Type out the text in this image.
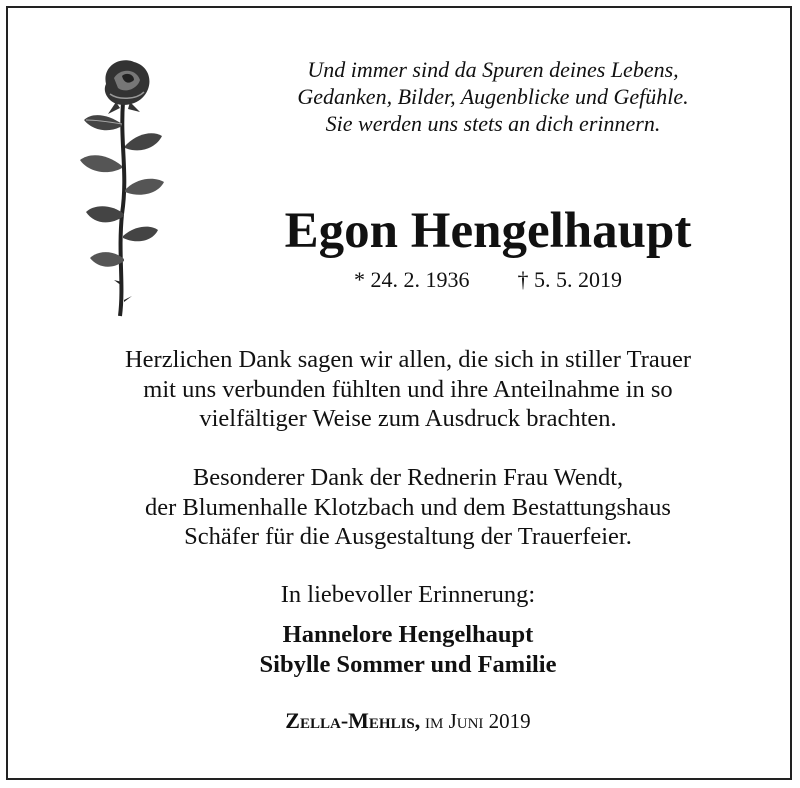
Und immer sind da Spuren deines Lebens,
Gedanken, Bilder, Augenblicke und Gefühle.
Sie werden uns stets an dich erinnern.
Egon Hengelhaupt
* 24. 2. 1936 † 5. 5. 2019
Herzlichen Dank sagen wir allen, die sich in stiller Trauer
mit uns verbunden fühlten und ihre Anteilnahme in so
vielfältiger Weise zum Ausdruck brachten.
Besonderer Dank der Rednerin Frau Wendt,
der Blumenhalle Klotzbach und dem Bestattungshaus
Schäfer für die Ausgestaltung der Trauerfeier.
In liebevoller Erinnerung:
Hannelore Hengelhaupt
Sibylle Sommer und Familie
Zella-Mehlis, im Juni 2019
